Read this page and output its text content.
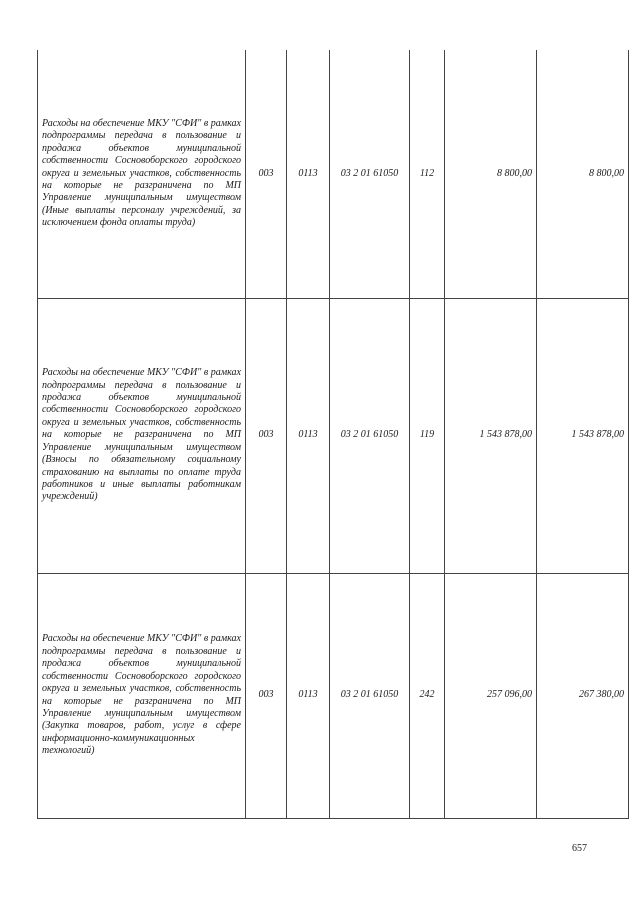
Расходы на обеспечение МКУ "СФИ" в рамках подпрограммы передача в пользование и продажа объектов муниципальной собственности Сосновоборского городского округа и земельных участков, собственность на которые не разграничена по МП Управление муниципальным имуществом (Иные выплаты персоналу учреждений, за исключением фонда оплаты труда)	003	0113	03 2 01 61050	112	8 800,00	8 800,00
Расходы на обеспечение МКУ "СФИ" в рамках подпрограммы передача в пользование и продажа объектов муниципальной собственности Сосновоборского городского округа и земельных участков, собственность на которые не разграничена по МП Управление муниципальным имуществом (Взносы по обязательному социальному страхованию на выплаты по оплате труда работников и иные выплаты работникам учреждений)	003	0113	03 2 01 61050	119	1 543 878,00	1 543 878,00
Расходы на обеспечение МКУ "СФИ" в рамках подпрограммы передача в пользование и продажа объектов муниципальной собственности Сосновоборского городского округа и земельных участков, собственность на которые не разграничена по МП Управление муниципальным имуществом (Закупка товаров, работ, услуг в сфере информационно-коммуникационных технологий)	003	0113	03 2 01 61050	242	257 096,00	267 380,00
657
